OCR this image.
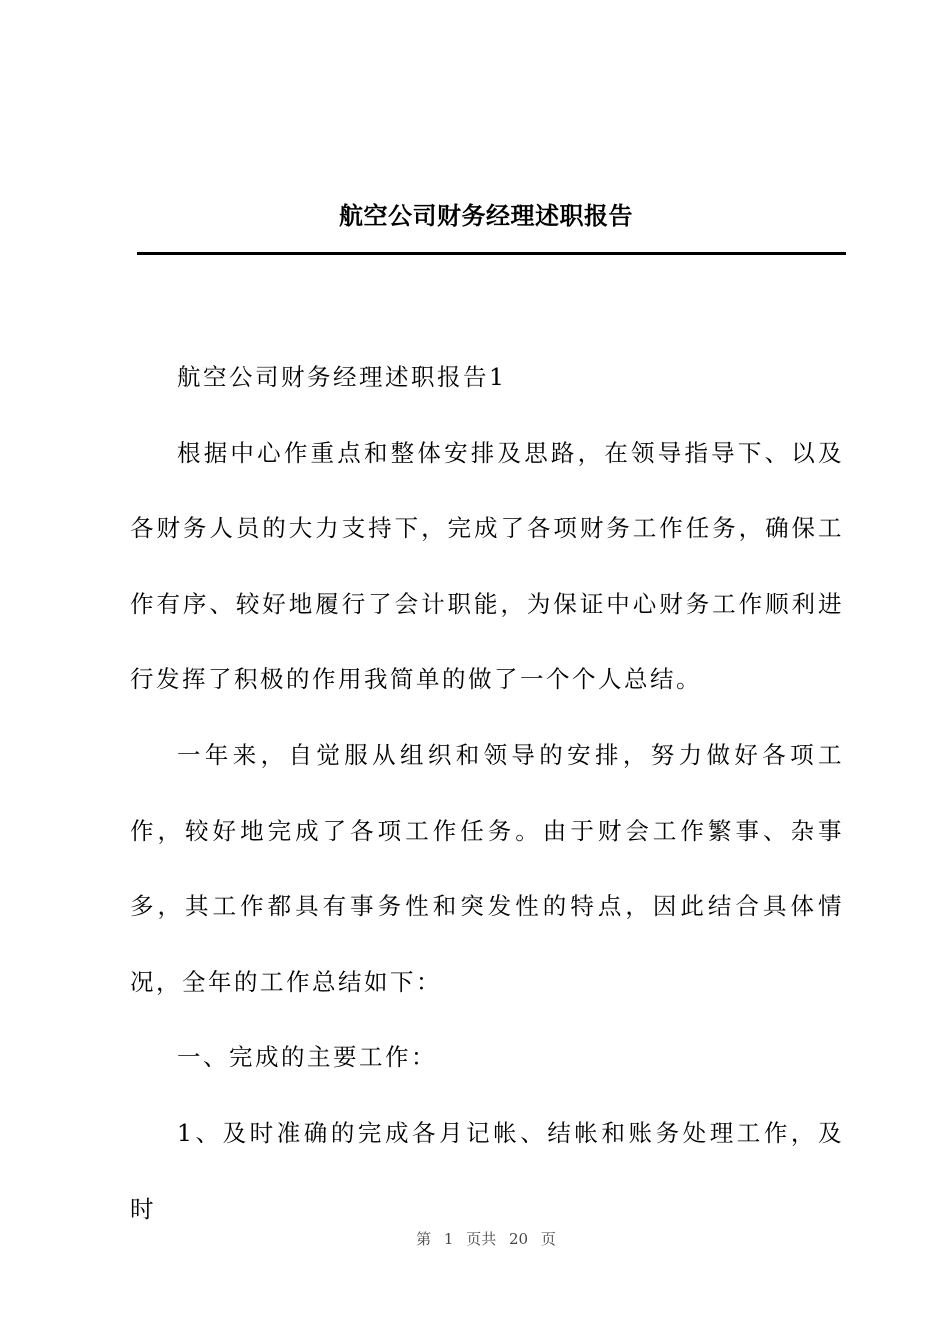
航空公司财务经理述职报告

航空公司财务经理述职报告1

根据中心作重点和整体安排及思路，在领导指导下、以及各财务人员的大力支持下，完成了各项财务工作任务，确保工作有序、较好地履行了会计职能，为保证中心财务工作顺利进行发挥了积极的作用我简单的做了一个个人总结。

一年来，自觉服从组织和领导的安排，努力做好各项工作，较好地完成了各项工作任务。由于财会工作繁事、杂事多，其工作都具有事务性和突发性的特点，因此结合具体情况，全年的工作总结如下：

一、完成的主要工作：

1、及时准确的完成各月记帐、结帐和账务处理工作，及时

第 1 页共 20 页
